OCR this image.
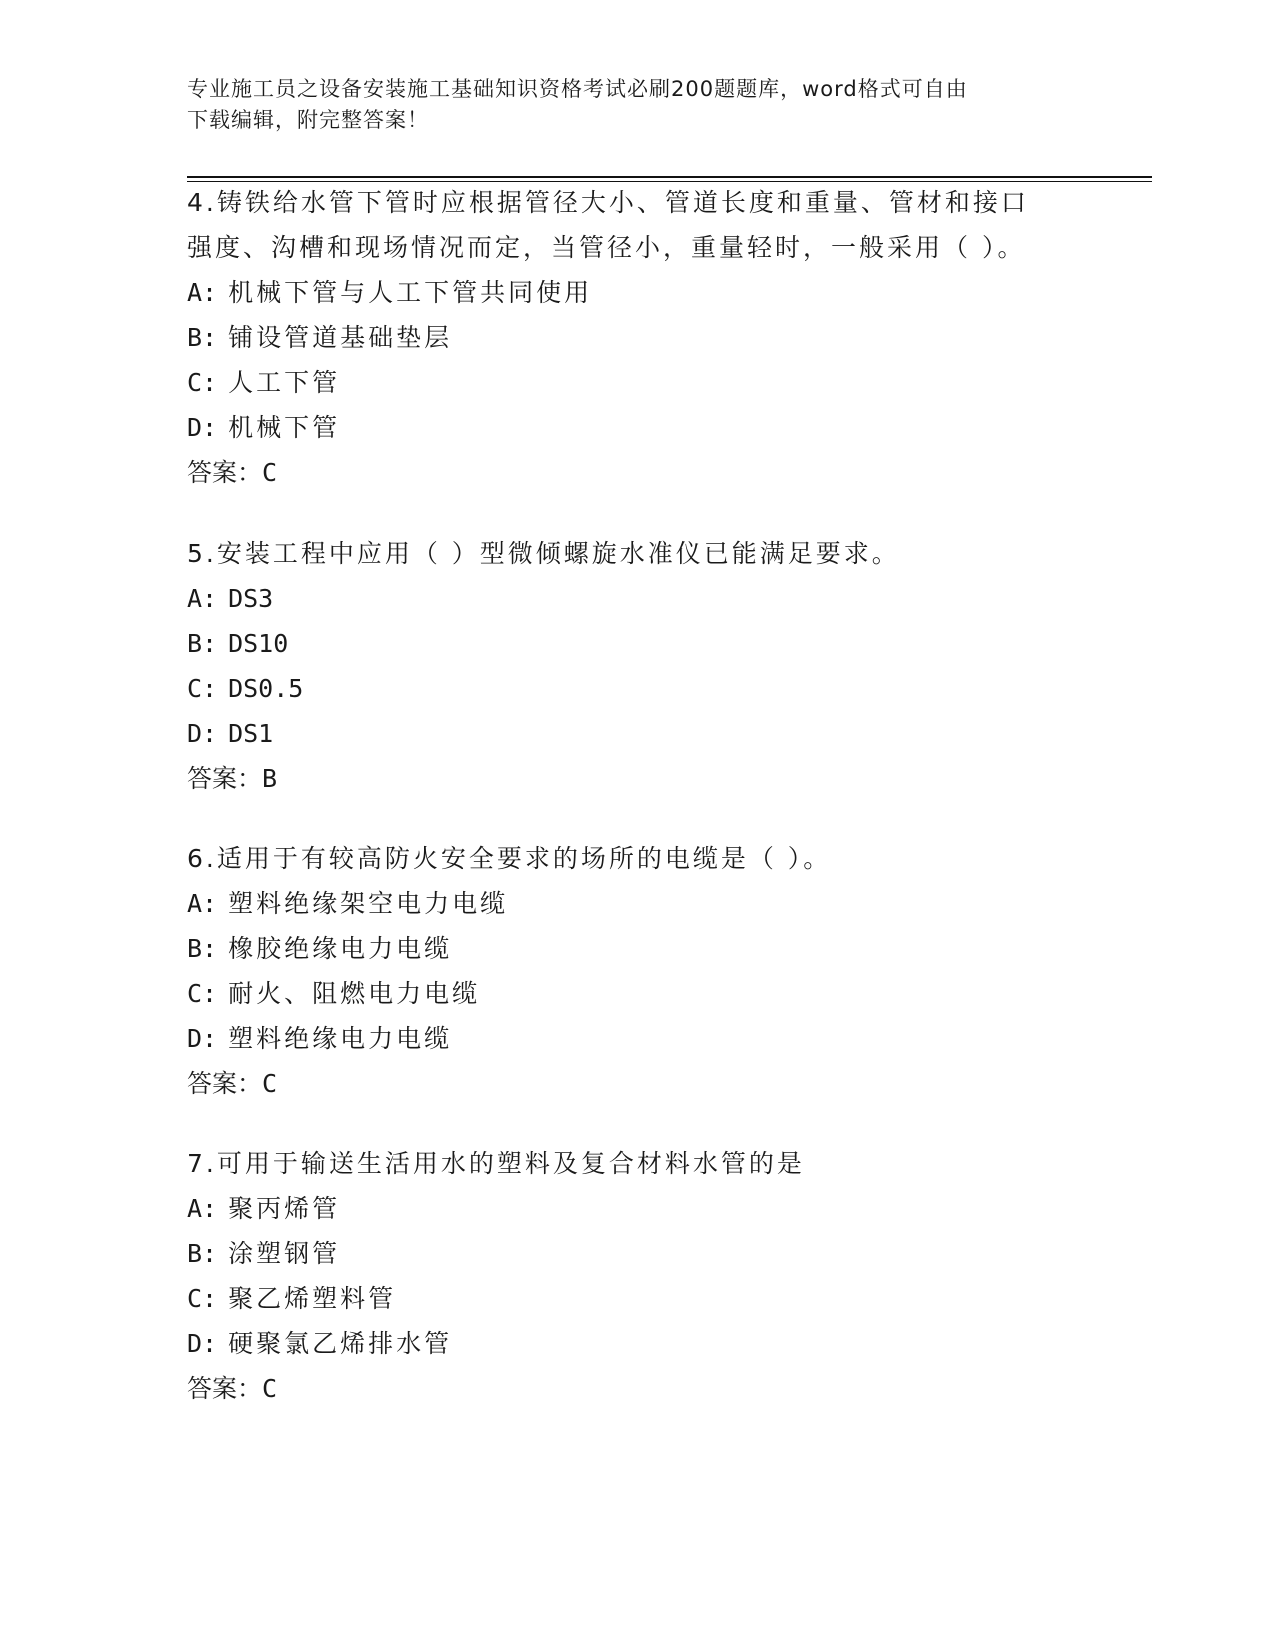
专业施工员之设备安装施工基础知识资格考试必刷200题题库，word格式可自由
下载编辑，附完整答案！
4.铸铁给水管下管时应根据管径大小、管道长度和重量、管材和接口
强度、沟槽和现场情况而定，当管径小，重量轻时，一般采用（ ）。
A: 机械下管与人工下管共同使用
B: 铺设管道基础垫层
C: 人工下管
D: 机械下管
答案：C
5.安装工程中应用（ ）型微倾螺旋水准仪已能满足要求。
A: DS3
B: DS10
C: DS0.5
D: DS1
答案：B
6.适用于有较高防火安全要求的场所的电缆是（ ）。
A: 塑料绝缘架空电力电缆
B: 橡胶绝缘电力电缆
C: 耐火、阻燃电力电缆
D: 塑料绝缘电力电缆
答案：C
7.可用于输送生活用水的塑料及复合材料水管的是
A: 聚丙烯管
B: 涂塑钢管
C: 聚乙烯塑料管
D: 硬聚氯乙烯排水管
答案：C
